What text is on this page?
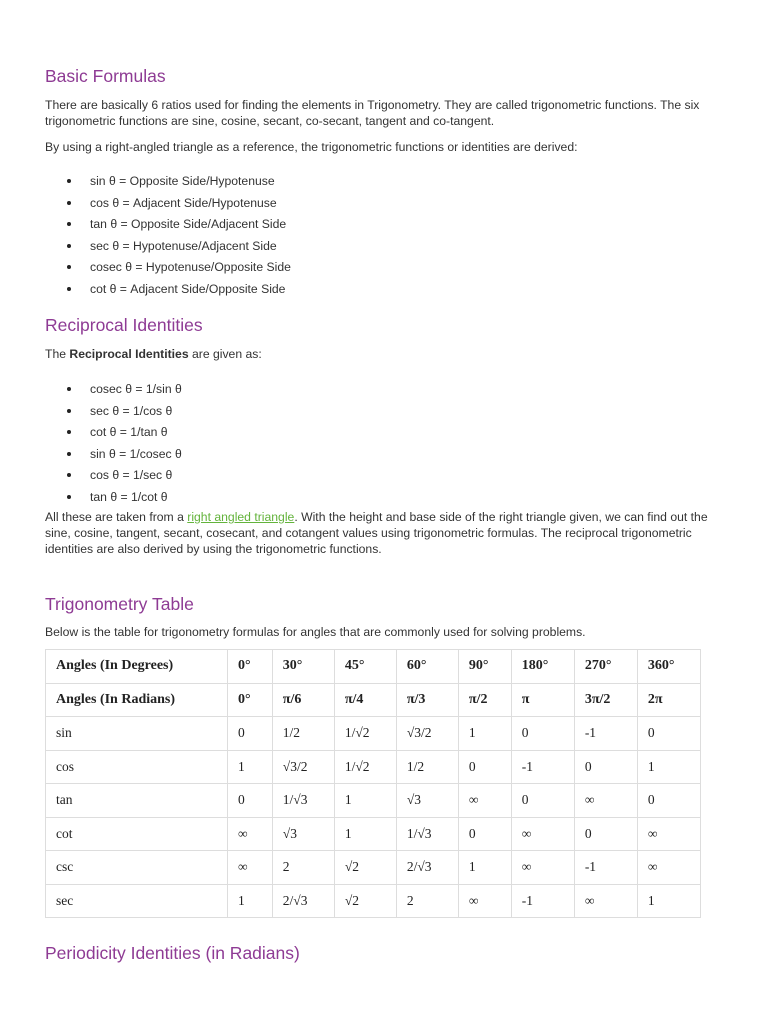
Basic Formulas

There are basically 6 ratios used for finding the elements in Trigonometry. They are called trigonometric functions. The six trigonometric functions are sine, cosine, secant, co-secant, tangent and co-tangent.

By using a right-angled triangle as a reference, the trigonometric functions or identities are derived:

sin θ = Opposite Side/Hypotenuse
cos θ = Adjacent Side/Hypotenuse
tan θ = Opposite Side/Adjacent Side
sec θ = Hypotenuse/Adjacent Side
cosec θ = Hypotenuse/Opposite Side
cot θ = Adjacent Side/Opposite Side
Reciprocal Identities

The Reciprocal Identities are given as:

cosec θ = 1/sin θ
sec θ = 1/cos θ
cot θ = 1/tan θ
sin θ = 1/cosec θ
cos θ = 1/sec θ
tan θ = 1/cot θ

All these are taken from a right angled triangle. With the height and base side of the right triangle given, we can find out the sine, cosine, tangent, secant, cosecant, and cotangent values using trigonometric formulas. The reciprocal trigonometric identities are also derived by using the trigonometric functions.

Trigonometry Table

Below is the table for trigonometry formulas for angles that are commonly used for solving problems.

Angles (In Degrees)	0°	30°	45°	60°	90°	180°	270°	360°
Angles (In Radians)	0°	π/6	π/4	π/3	π/2	π	3π/2	2π
sin	0	1/2	1/√2	√3/2	1	0	-1	0
cos	1	√3/2	1/√2	1/2	0	-1	0	1
tan	0	1/√3	1	√3	∞	0	∞	0
cot	∞	√3	1	1/√3	0	∞	0	∞
csc	∞	2	√2	2/√3	1	∞	-1	∞
sec	1	2/√3	√2	2	∞	-1	∞	1
Periodicity Identities (in Radians)
